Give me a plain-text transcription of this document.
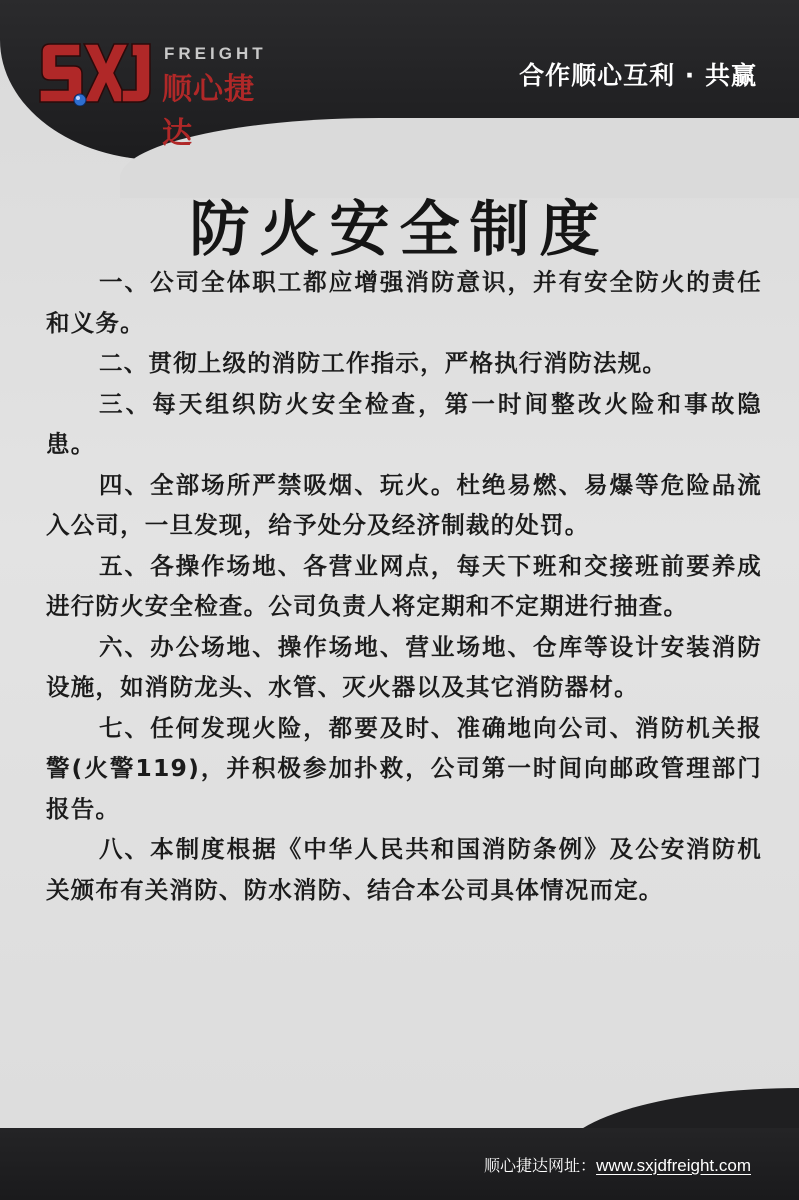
FREIGHT
顺心捷达
合作顺心互利 · 共赢
防火安全制度
一、公司全体职工都应增强消防意识，并有安全防火的责任和义务。
二、贯彻上级的消防工作指示，严格执行消防法规。
三、每天组织防火安全检查，第一时间整改火险和事故隐患。
四、全部场所严禁吸烟、玩火。杜绝易燃、易爆等危险品流入公司，一旦发现，给予处分及经济制裁的处罚。
五、各操作场地、各营业网点，每天下班和交接班前要养成进行防火安全检查。公司负责人将定期和不定期进行抽查。
六、办公场地、操作场地、营业场地、仓库等设计安装消防设施，如消防龙头、水管、灭火器以及其它消防器材。
七、任何发现火险，都要及时、准确地向公司、消防机关报警(火警119)，并积极参加扑救，公司第一时间向邮政管理部门报告。
八、本制度根据《中华人民共和国消防条例》及公安消防机关颁布有关消防、防水消防、结合本公司具体情况而定。
顺心捷达网址：www.sxjdfreight.com
